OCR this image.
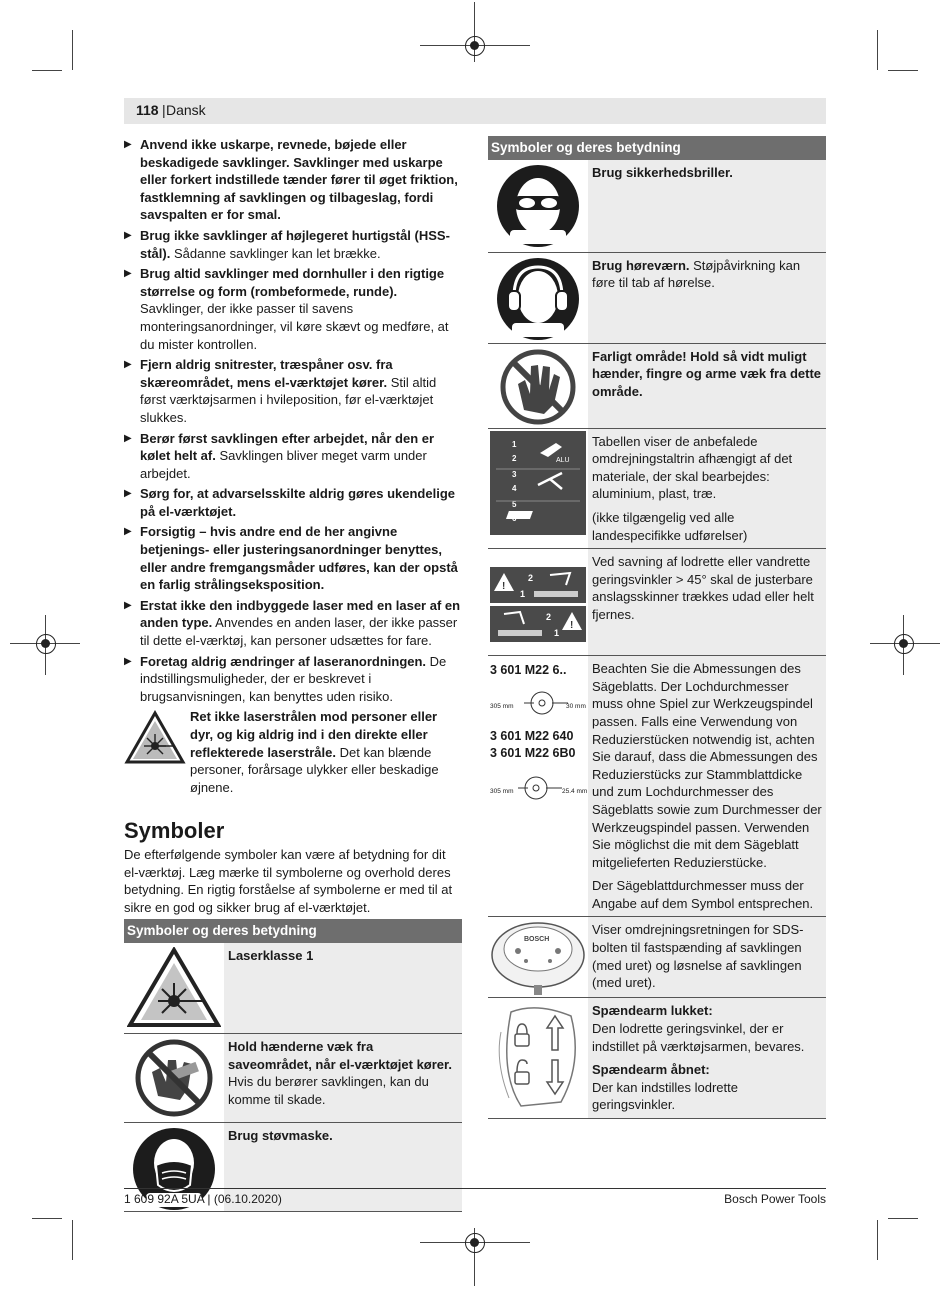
118 | Dansk
▶ Anvend ikke uskarpe, revnede, bøjede eller beskadigede savklinger. Savklinger med uskarpe eller forkert indstillede tænder fører til øget friktion, fastklemning af savklingen og tilbageslag, fordi savspalten er for smal.
▶ Brug ikke savklinger af højlegeret hurtigstål (HSS-stål). Sådanne savklinger kan let brække.
▶ Brug altid savklinger med dornhuller i den rigtige størrelse og form (rombeformede, runde). Savklinger, der ikke passer til savens monteringsanordninger, vil køre skævt og medføre, at du mister kontrollen.
▶ Fjern aldrig snitrester, træspåner osv. fra skæreområdet, mens el-værktøjet kører. Stil altid først værktøjsarmen i hvileposition, før el-værktøjet slukkes.
▶ Berør først savklingen efter arbejdet, når den er kølet helt af. Savklingen bliver meget varm under arbejdet.
▶ Sørg for, at advarselsskilte aldrig gøres ukendelige på el-værktøjet.
▶ Forsigtig – hvis andre end de her angivne betjenings- eller justeringsanordninger benyttes, eller andre fremgangsmåder udføres, kan der opstå en farlig strålingseksposition.
▶ Erstat ikke den indbyggede laser med en laser af en anden type. Anvendes en anden laser, der ikke passer til dette el-værktøj, kan personer udsættes for fare.
▶ Foretag aldrig ændringer af laseranordningen. De indstillingsmuligheder, der er beskrevet i brugsanvisningen, kan benyttes uden risiko.
Ret ikke laserstrålen mod personer eller dyr, og kig aldrig ind i den direkte eller reflekterede laserstråle. Det kan blænde personer, forårsage ulykker eller beskadige øjnene.
Symboler
De efterfølgende symboler kan være af betydning for dit el-værktøj. Læg mærke til symbolerne og overhold deres betydning. En rigtig forståelse af symbolerne er med til at sikre en god og sikker brug af el-værktøjet.
Symboler og deres betydning
Laserklasse 1
Hold hænderne væk fra saveområdet, når el-værktøjet kører. Hvis du berører savklingen, kan du komme til skade.
Brug støvmaske.
Symboler og deres betydning
Brug sikkerhedsbriller.
Brug høreværn. Støjpåvirkning kan føre til tab af hørelse.
Farligt område! Hold så vidt muligt hænder, fingre og arme væk fra dette område.
1
2
3
4
5
ALU
Tabellen viser de anbefalede omdrejningstaltrin afhængigt af det materiale, der skal bearbejdes: aluminium, plast, træ.
(ikke tilgængelig ved alle landespecifikke udførelser)
!
2
1
!
2
1
Ved savning af lodrette eller vandrette geringsvinkler > 45° skal de justerbare anslagsskinner trækkes udad eller helt fjernes.
3 601 M22 6..
305 mm	30 mm
3 601 M22 640
3 601 M22 6B0
305 mm	25.4 mm
Beachten Sie die Abmessungen des Sägeblatts. Der Lochdurchmesser muss ohne Spiel zur Werkzeugspindel passen. Falls eine Verwendung von Reduzierstücken notwendig ist, achten Sie darauf, dass die Abmessungen des Reduzierstücks zur Stammblattdicke und zum Lochdurchmesser des Sägeblatts sowie zum Durchmesser der Werkzeugspindel passen. Verwenden Sie möglichst die mit dem Sägeblatt mitgelieferten Reduzierstücke.
Der Sägeblattdurchmesser muss der Angabe auf dem Symbol entsprechen.
BOSCH
Viser omdrejningsretningen for SDS-bolten til fastspænding af savklingen (med uret) og løsnelse af savklingen (med uret).
Spændearm lukket:
Den lodrette geringsvinkel, der er indstillet på værktøjsarmen, bevares.
Spændearm åbnet:
Der kan indstilles lodrette geringsvinkler.
1 609 92A 5UA | (06.10.2020)	Bosch Power Tools
